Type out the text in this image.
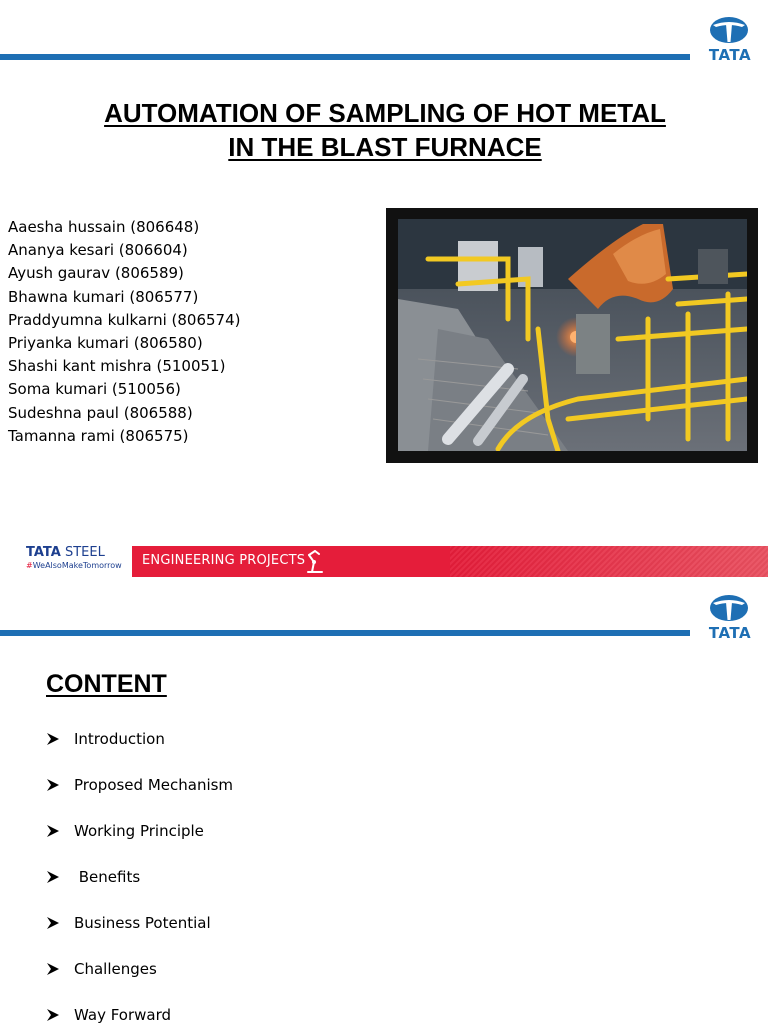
TATA
AUTOMATION OF SAMPLING OF HOT METAL
IN THE BLAST FURNACE
Aaesha hussain (806648)
Ananya kesari (806604)
Ayush gaurav (806589)
Bhawna kumari (806577)
Praddyumna kulkarni (806574)
Priyanka kumari (806580)
Shashi kant mishra (510051)
Soma kumari (510056)
Sudeshna paul (806588)
Tamanna rami (806575)
TATA STEEL
#WeAlsoMakeTomorrow ENGINEERING PROJECTS
TATA
CONTENT
Introduction
Proposed Mechanism
Working Principle
Benefits
Business Potential
Challenges
Way Forward
